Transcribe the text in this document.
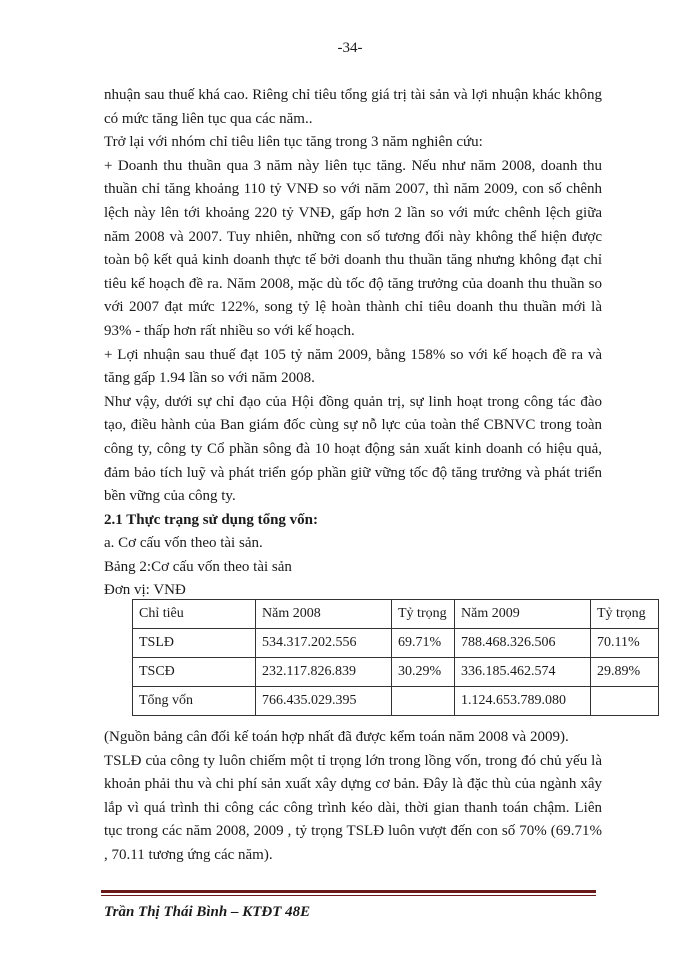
-34-

nhuận sau thuế khá cao. Riêng chỉ tiêu tổng giá trị tài sản và lợi nhuận khác không có mức tăng liên tục qua các năm..

Trở lại với nhóm chỉ tiêu liên tục tăng trong 3 năm nghiên cứu:

+ Doanh thu thuần qua 3 năm này liên tục tăng. Nếu như năm 2008, doanh thu thuần chỉ tăng khoảng 110 tỷ VNĐ so với năm 2007, thì năm 2009, con số chênh lệch này lên tới khoảng 220 tỷ VNĐ, gấp hơn 2 lần so với mức chênh lệch giữa năm 2008 và 2007. Tuy nhiên, những con số tương đối này không thể hiện được toàn bộ kết quả kinh doanh thực tế bởi doanh thu thuần tăng nhưng không đạt chỉ tiêu kế hoạch đề ra. Năm 2008, mặc dù tốc độ tăng trưởng của doanh thu thuần so với 2007 đạt mức 122%, song tỷ lệ hoàn thành chỉ tiêu doanh thu thuần mới là 93% - thấp hơn rất nhiều so với kế hoạch.

+ Lợi nhuận sau thuế đạt 105 tỷ năm 2009, bằng 158% so với kế hoạch đề ra và tăng gấp 1.94 lần so với năm 2008.

Như vậy, dưới sự chỉ đạo của Hội đồng quản trị, sự linh hoạt trong công tác đào tạo, điều hành của Ban giám đốc cùng sự nỗ lực của toàn thể CBNVC trong toàn công ty, công ty Cổ phần sông đà 10 hoạt động sản xuất kinh doanh có hiệu quả, đảm bảo tích luỹ và phát triển góp phần giữ vững tốc độ tăng trưởng và phát triển bền vững của công ty.

2.1 Thực trạng sử dụng tổng vốn:

a. Cơ cấu vốn theo tài sản.

Bảng 2:Cơ cấu vốn theo tài sản

Đơn vị: VNĐ

Chỉ tiêu	Năm 2008	Tỷ trọng	Năm 2009	Tỷ trọng
TSLĐ	534.317.202.556	69.71%	788.468.326.506	70.11%
TSCĐ	232.117.826.839	30.29%	336.185.462.574	29.89%
Tổng vốn	766.435.029.395		1.124.653.789.080	

(Nguồn bảng cân đối kế toán hợp nhất đã được kểm toán năm 2008 và 2009).

TSLĐ của công ty luôn chiếm một tỉ trọng lớn trong lồng vốn, trong đó chủ yếu là khoản phải thu và chi phí sản xuất xây dựng cơ bản. Đây là đặc thù của ngành xây lắp vì quá trình thi công các công trình kéo dài, thời gian thanh toán chậm. Liên tục trong các năm 2008, 2009 , tỷ trọng TSLĐ luôn vượt đến con số 70% (69.71% , 70.11 tương ứng các năm).

Trần Thị Thái Bình – KTĐT 48E
